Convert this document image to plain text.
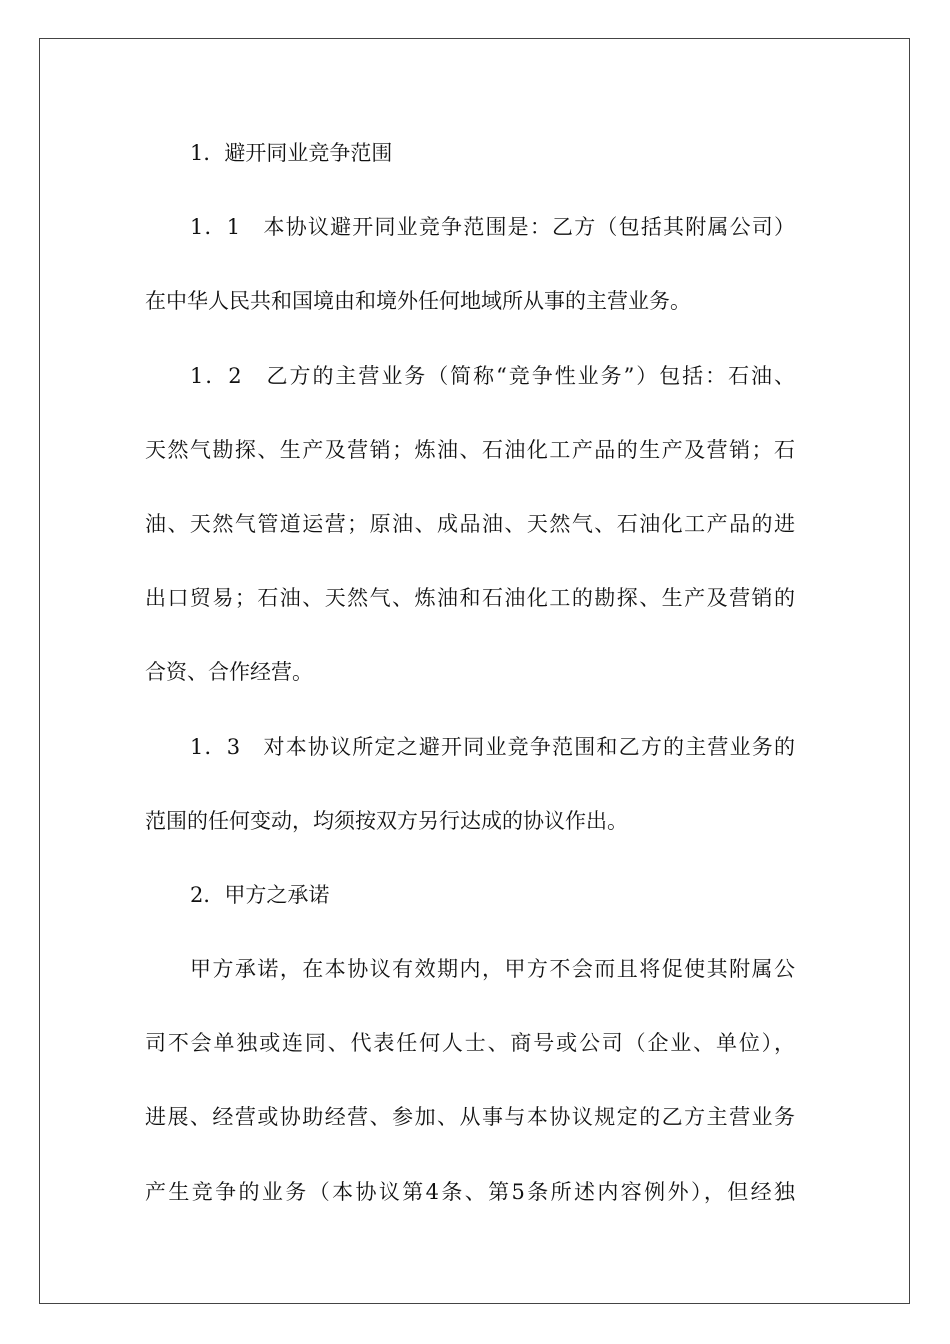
1．避开同业竞争范围
1．1　本协议避开同业竞争范围是：乙方（包括其附属公司）
在中华人民共和国境由和境外任何地域所从事的主营业务。
1．2　乙方的主营业务（简称“竞争性业务”）包括：石油、
天然气勘探、生产及营销；炼油、石油化工产品的生产及营销；石
油、天然气管道运营；原油、成品油、天然气、石油化工产品的进
出口贸易；石油、天然气、炼油和石油化工的勘探、生产及营销的
合资、合作经营。
1．3　对本协议所定之避开同业竞争范围和乙方的主营业务的
范围的任何变动，均须按双方另行达成的协议作出。
2．甲方之承诺
甲方承诺，在本协议有效期内，甲方不会而且将促使其附属公
司不会单独或连同、代表任何人士、商号或公司（企业、单位），
进展、经营或协助经营、参加、从事与本协议规定的乙方主营业务
产生竞争的业务（本协议第4条、第5条所述内容例外），但经独
